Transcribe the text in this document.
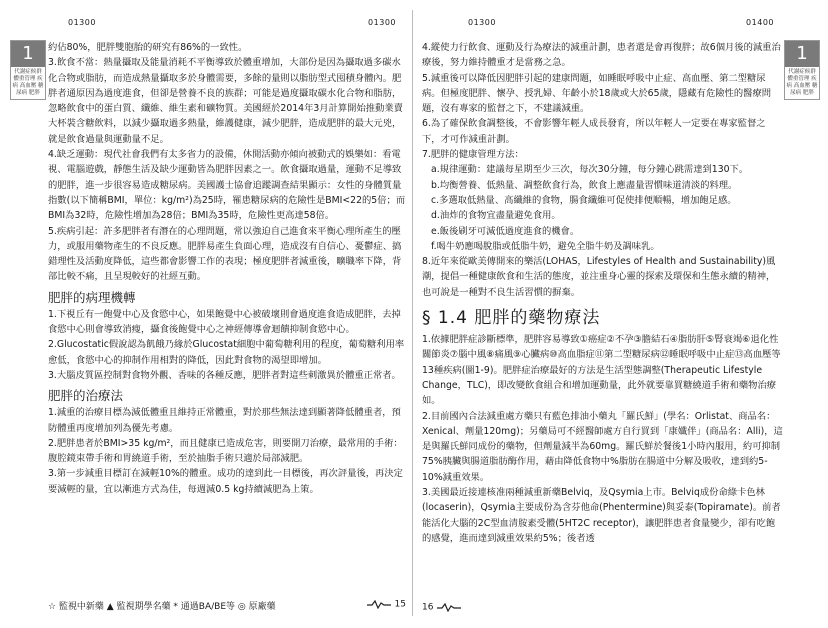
01300	01300
1
代謝症候群 體重管理 疾 病 高血壓 糖尿病 肥胖

約佔80%，肥胖雙胞胎的研究有86%的一致性。

3.飲食不當：熱量攝取及能量消耗不平衡導致於體重增加，大部份是因為攝取過多碳水化合物或脂肪，而造成熱量攝取多於身體需要，多餘的量則以脂肪型式囤積身體內。肥胖者通原因為過度進食，但卻是營養不良的族群；可能是過度攝取碳水化合物和脂肪，忽略飲食中的蛋白質、纖維、維生素和礦物質。美國經於2014年3月計算開始推動業賣大杯裝含糖飲料，以減少攝取過多熱量，維護健康，減少肥胖，造成肥胖的最大元兇，就是飲食過量與運動量不足。

4.缺乏運動：現代社會我們有太多省力的設備，休閒活動亦傾向被動式的娛樂如：看電視、電腦遊戲，靜態生活及缺少運動皆為肥胖因素之一。飲食攝取過量，運動不足導致的肥胖，進一步很容易造成糖尿病。美國護士協會追蹤調查結果顯示：女性的身體質量指數(以下簡稱BMI，單位：kg/m²)為25時，罹患糖尿病的危險性是BMI<22的5倍；而BMI為32時，危險性增加為28倍；BMI為35時，危險性更高達58倍。

5.疾病引起：許多肥胖者有潛在的心理問題，常以強迫自己進食來平衡心理所產生的壓力，或服用藥物產生的不良反應。肥胖易產生負面心理，造成沒有自信心、憂鬱症、搞錯理性及活動度降低，這些都會影響工作的表現；極度肥胖者減重後，曠職率下降，背部比較不痛，且呈現較好的社經互動。

肥胖的病理機轉

1.下視丘有一飽覺中心及食慾中心，如果飽覺中心被破壞則會過度進食造成肥胖，去掉食慾中心則會導致消瘦，攝食後飽覺中心之神經傳導會迴饋抑制食慾中心。

2.Glucostatic假說認為飢餓乃緣於Glucostat細胞中葡萄糖利用的程度，葡萄糖利用率愈低，食慾中心的抑制作用相對的降低，因此對食物的渴望即增加。

3.大腦皮質區控制對食物外觀、香味的各種反應，肥胖者對這些刺激異於體重正常者。

肥胖的治療法

1.減重的治療目標為減低體重且維持正常體重，對於那些無法達到顯著降低體重者，預防體重再度增加列為優先考慮。

2.肥胖患者於BMI>35 kg/m²，而且健康已造成危害，則要開刀治療，最常用的手術：腹腔鏡束帶手術和胃繞道手術，至於抽脂手術只適於局部減肥。

3.第一步減重目標訂在減輕10%的體重。成功的達到此一目標後，再次評量後，再決定要減輕的量，宜以漸進方式為佳，每週減0.5 kg持續減肥為上策。

☆ 監視中新藥 ▲ 監視期學名藥 * 通過BA/BE等 ◎ 原廠藥	15
01300	01400
1
代謝症候群 體重管理 疾 病 高血壓 糖尿病 肥胖

4.縱使力行飲食、運動及行為療法的減重計劃，患者還是會再復胖；故6個月後的減重治療後，努力維持體重才是當務之急。

5.減重後可以降低因肥胖引起的建康問題，如睡眠呼吸中止症、高血壓、第二型糖尿病。但極度肥胖、懷孕、授乳婦、年齡小於18歲或大於65歲，隱藏有危險性的醫療問題，沒有專家的監督之下，不建議減重。

6.為了確保飲食調整後，不會影響年輕人成長發育，所以年輕人一定要在專家監督之下，才可作減重計劃。

7.肥胖的健康管理方法：

a.規律運動：建議每星期至少三次，每次30分鐘，每分鐘心跳需達到130下。

b.均衡營養、低熱量、調整飲食行為，飲食上應盡量習慣味道清淡的料理。

c.多選取低熱量、高纖維的食物，腸食纖維可促使排便順暢，增加飽足感。

d.油炸的食物宜盡量避免食用。

e.飯後刷牙可減低過度進食的機會。

f.喝牛奶應喝脫脂或低脂牛奶，避免全脂牛奶及調味乳。

8.近年來從歐美傳開來的樂活(LOHAS，Lifestyles of Health and Sustainability)風潮，提倡一種健康飲食和生活的態度，並注重身心靈的探索及環保和生態永續的精神，也可說是一種對不良生活習慣的摒棄。

§ 1.4 肥胖的藥物療法

1.依據肥胖症診斷標準，肥胖容易導致①癌症②不孕③膽結石④脂肪肝⑤腎衰竭⑥退化性關節炎⑦腦中風⑧痛風⑨心臟病⑩高血脂症⑪第二型糖尿病⑫睡眠呼吸中止症⑬高血壓等13種疾病(圖1-9)。肥胖症治療最好的方法是生活型態調整(Therapeutic Lifestyle Change，TLC)，即改變飲食組合和增加運動量，此外就要靠買糖繞道手術和藥物治療如。

2.目前國內合法減重處方藥只有藍色排油小藥丸「羅氏鮮」(學名：Orlistat、商品名：Xenical、劑量120mg)；另藥局可不經醫師處方自行買到「康孅伴」(商品名：Alli)，這是與羅氏鮮同成份的藥物，但劑量減半為60mg。羅氏鮮於餐後1小時內服用，約可抑制75%胰臟與腸道脂肪酶作用，藉由降低食物中%脂肪在腸道中分解及吸收，達到約5-10%減重效果。

3.美國最近接連核准兩種減重新藥Belviq，及Qsymia上市。Belviq成份命綠卡色林(locaserin)，Qsymia主要成份為含芬他命(Phentermine)與妥泰(Topiramate)。前者能活化大腦的2C型血清胺素受體(5HT2C receptor)，讓肥胖患者食量變少，卻有吃飽的感覺，進而達到減重效果約5%；後者透

16
